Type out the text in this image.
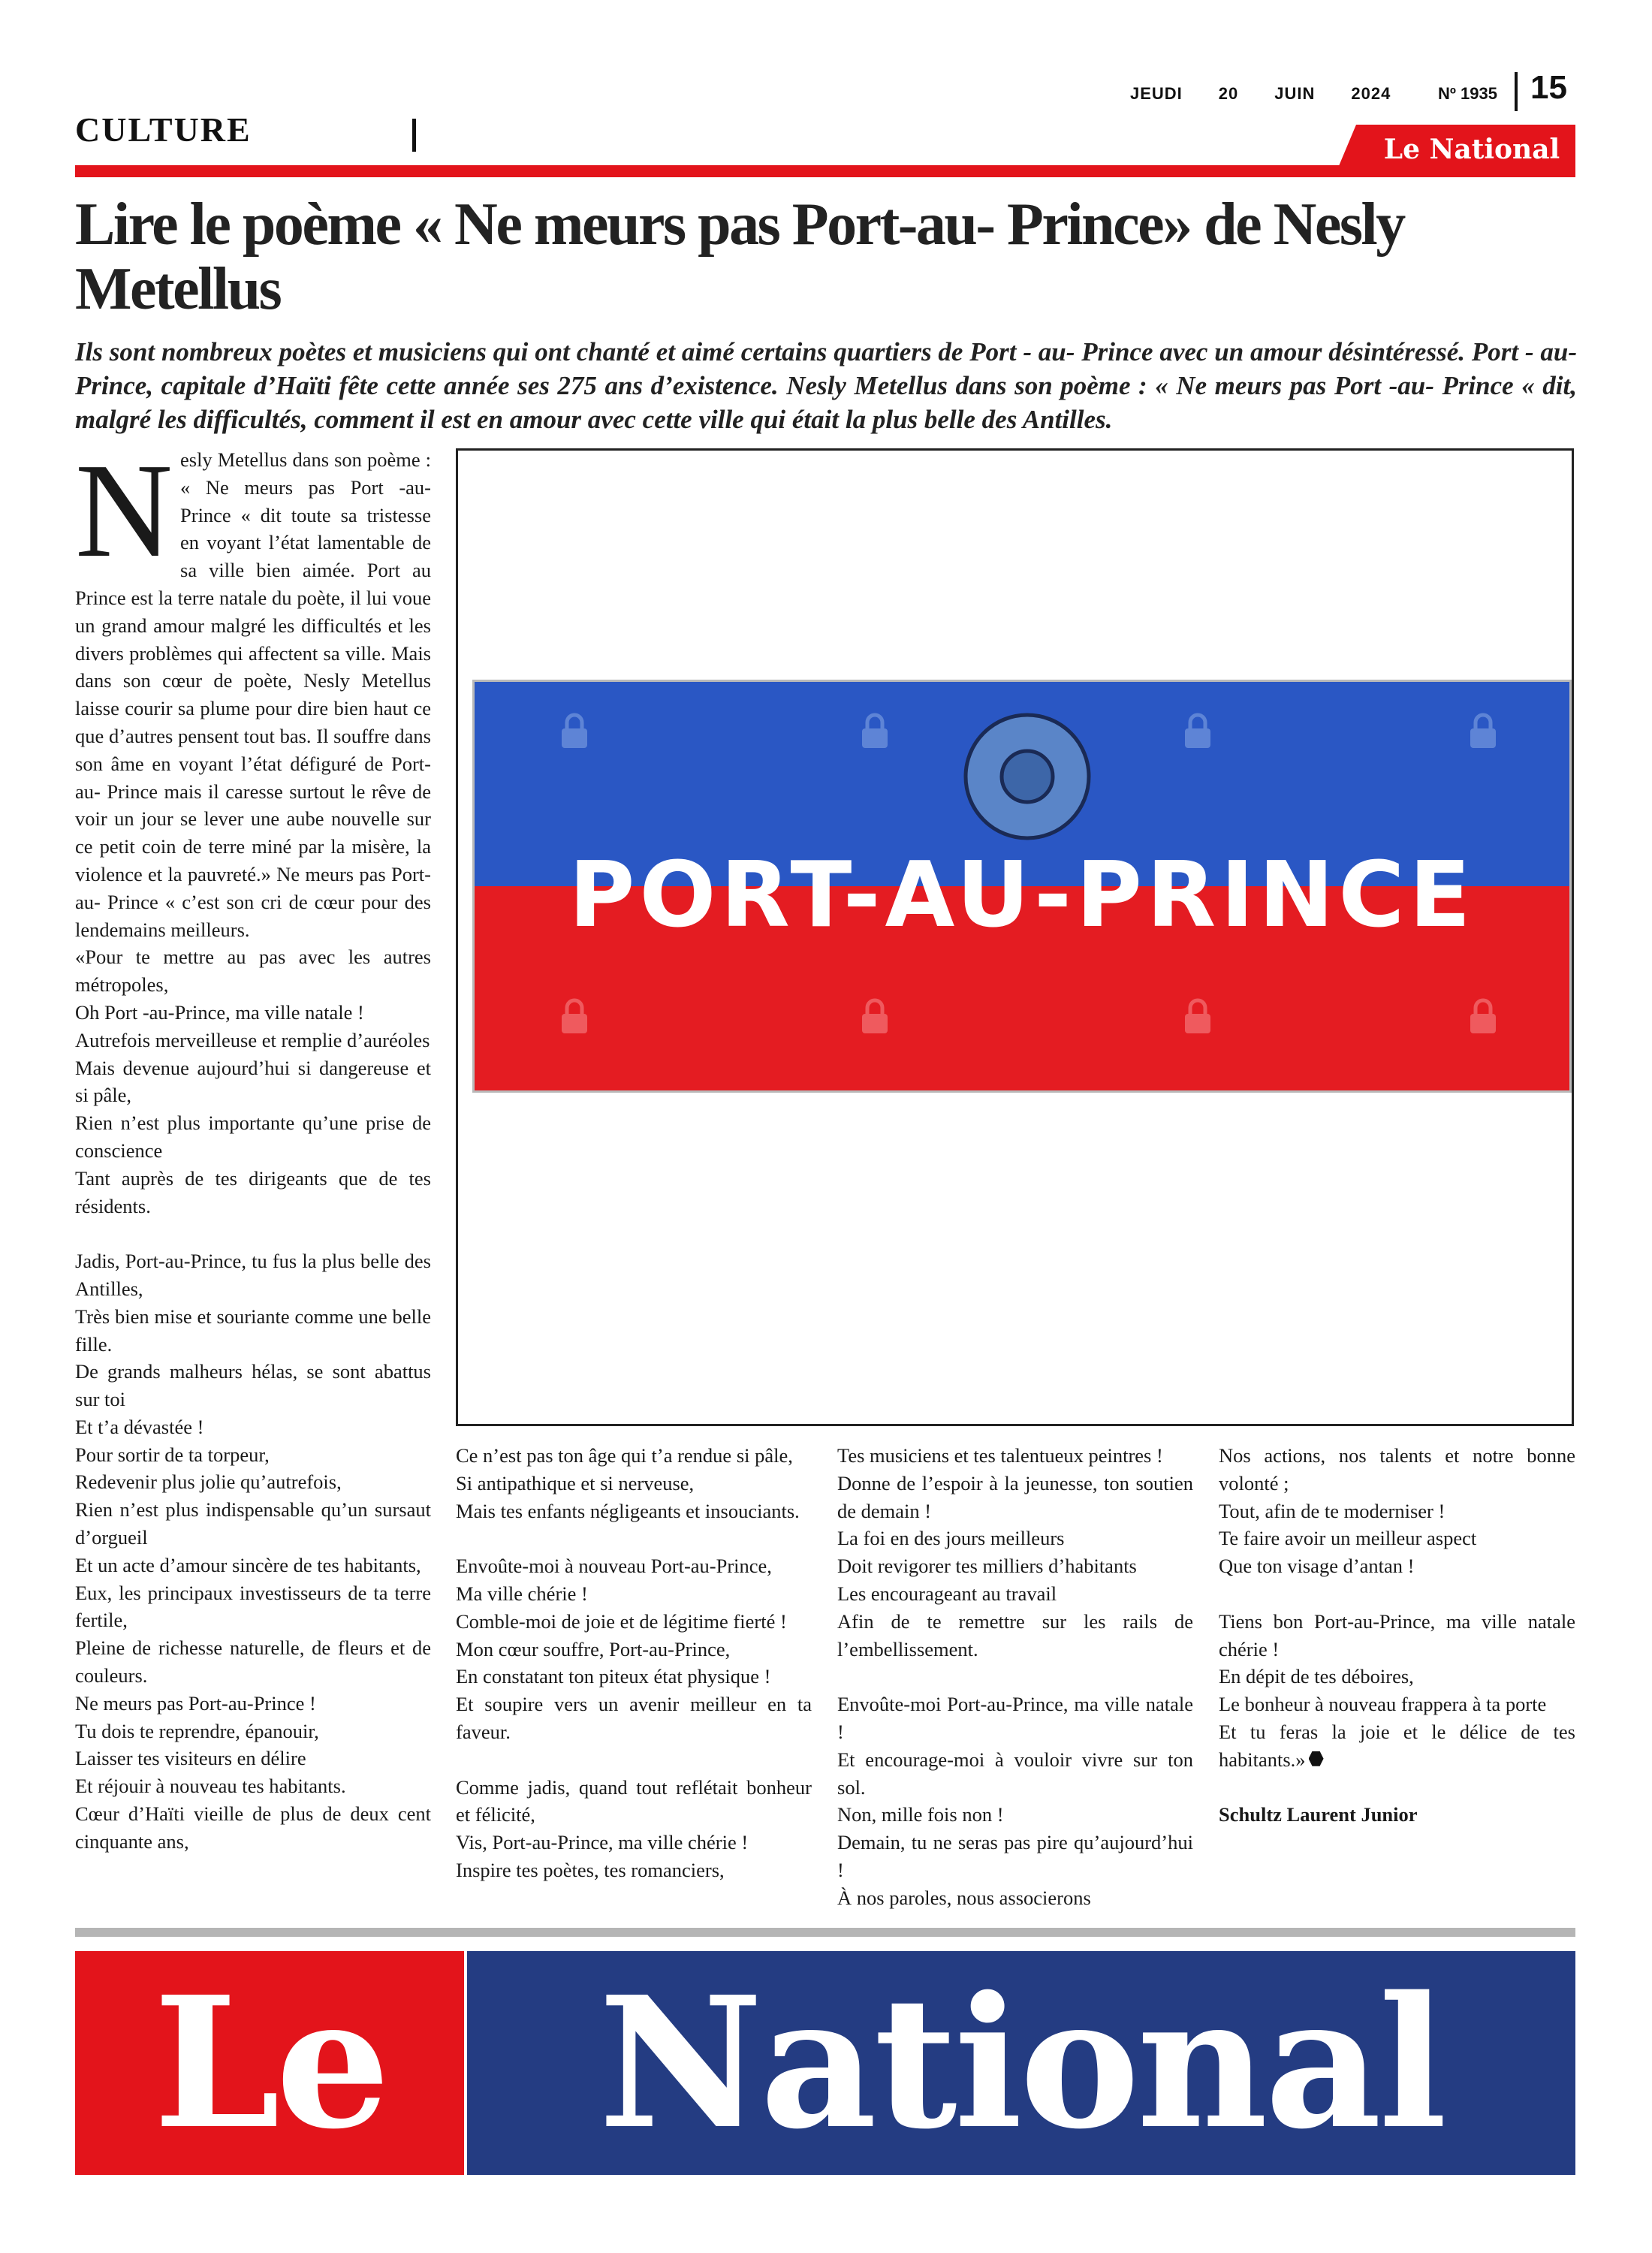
JEUDI 20 JUIN 2024	Nº 1935 15
CULTURE
Le National
Lire le poème « Ne meurs pas Port-au- Prince» de Nesly Metellus
Ils sont nombreux poètes et musiciens qui ont chanté et aimé certains quartiers de Port - au- Prince avec un amour désintéressé. Port - au- Prince, capitale d’Haïti fête cette année ses 275 ans d’existence. Nesly Metellus dans son poème : « Ne meurs pas Port -au- Prince « dit, malgré les difficultés, comment il est en amour avec cette ville qui était la plus belle des Antilles.
N esly Metellus dans son poème : « Ne meurs pas Port -au- Prince « dit toute sa tristesse en voyant l’état lamentable de sa ville bien aimée. Port au Prince est la terre natale du poète, il lui voue un grand amour malgré les difficultés et les divers problèmes qui affectent sa ville. Mais dans son cœur de poète, Nesly Metellus laisse courir sa plume pour dire bien haut ce que d’autres pensent tout bas. Il souffre dans son âme en voyant l’état défiguré de Port- au- Prince mais il caresse surtout le rêve de voir un jour se lever une aube nouvelle sur ce petit coin de terre miné par la misère, la violence et la pauvreté.» Ne meurs pas Port- au- Prince « c’est son cri de cœur pour des lendemains meilleurs.

«Pour te mettre au pas avec les autres métropoles,

Oh Port -au-Prince, ma ville natale !

Autrefois merveilleuse et remplie d’auréoles

Mais devenue aujourd’hui si dangereuse et si pâle,

Rien n’est plus importante qu’une prise de conscience

Tant auprès de tes dirigeants que de tes résidents.

Jadis, Port-au-Prince, tu fus la plus belle des Antilles,

Très bien mise et souriante comme une belle fille.

De grands malheurs hélas, se sont abattus sur toi

Et t’a dévastée !

Pour sortir de ta torpeur,

Redevenir plus jolie qu’autrefois,

Rien n’est plus indispensable qu’un sursaut d’orgueil

Et un acte d’amour sincère de tes habitants,

Eux, les principaux investisseurs de ta terre fertile,

Pleine de richesse naturelle, de fleurs et de couleurs.

Ne meurs pas Port-au-Prince !

Tu dois te reprendre, épanouir,

Laisser tes visiteurs en délire

Et réjouir à nouveau tes habitants.

Cœur d’Haïti vieille de plus de deux cent cinquante ans,

PORT-AU-PRINCE

Ce n’est pas ton âge qui t’a rendue si pâle,

Si antipathique et si nerveuse,

Mais tes enfants négligeants et insouciants.

Envoûte-moi à nouveau Port-au-Prince,

Ma ville chérie !

Comble-moi de joie et de légitime fierté !

Mon cœur souffre, Port-au-Prince,

En constatant ton piteux état physique !

Et soupire vers un avenir meilleur en ta faveur.

Comme jadis, quand tout reflétait bonheur et félicité,

Vis, Port-au-Prince, ma ville chérie !

Inspire tes poètes, tes romanciers,

Tes musiciens et tes talentueux peintres !

Donne de l’espoir à la jeunesse, ton soutien de demain !

La foi en des jours meilleurs

Doit revigorer tes milliers d’habitants

Les encourageant au travail

Afin de te remettre sur les rails de l’embellissement.

Envoûte-moi Port-au-Prince, ma ville natale !

Et encourage-moi à vouloir vivre sur ton sol.

Non, mille fois non !

Demain, tu ne seras pas pire qu’aujourd’hui !

À nos paroles, nous associerons

Nos actions, nos talents et notre bonne volonté ;

Tout, afin de te moderniser !

Te faire avoir un meilleur aspect

Que ton visage d’antan !

Tiens bon Port-au-Prince, ma ville natale chérie !

En dépit de tes déboires,

Le bonheur à nouveau frappera à ta porte

Et tu feras la joie et le délice de tes habitants.»

Schultz Laurent Junior

Le	National
